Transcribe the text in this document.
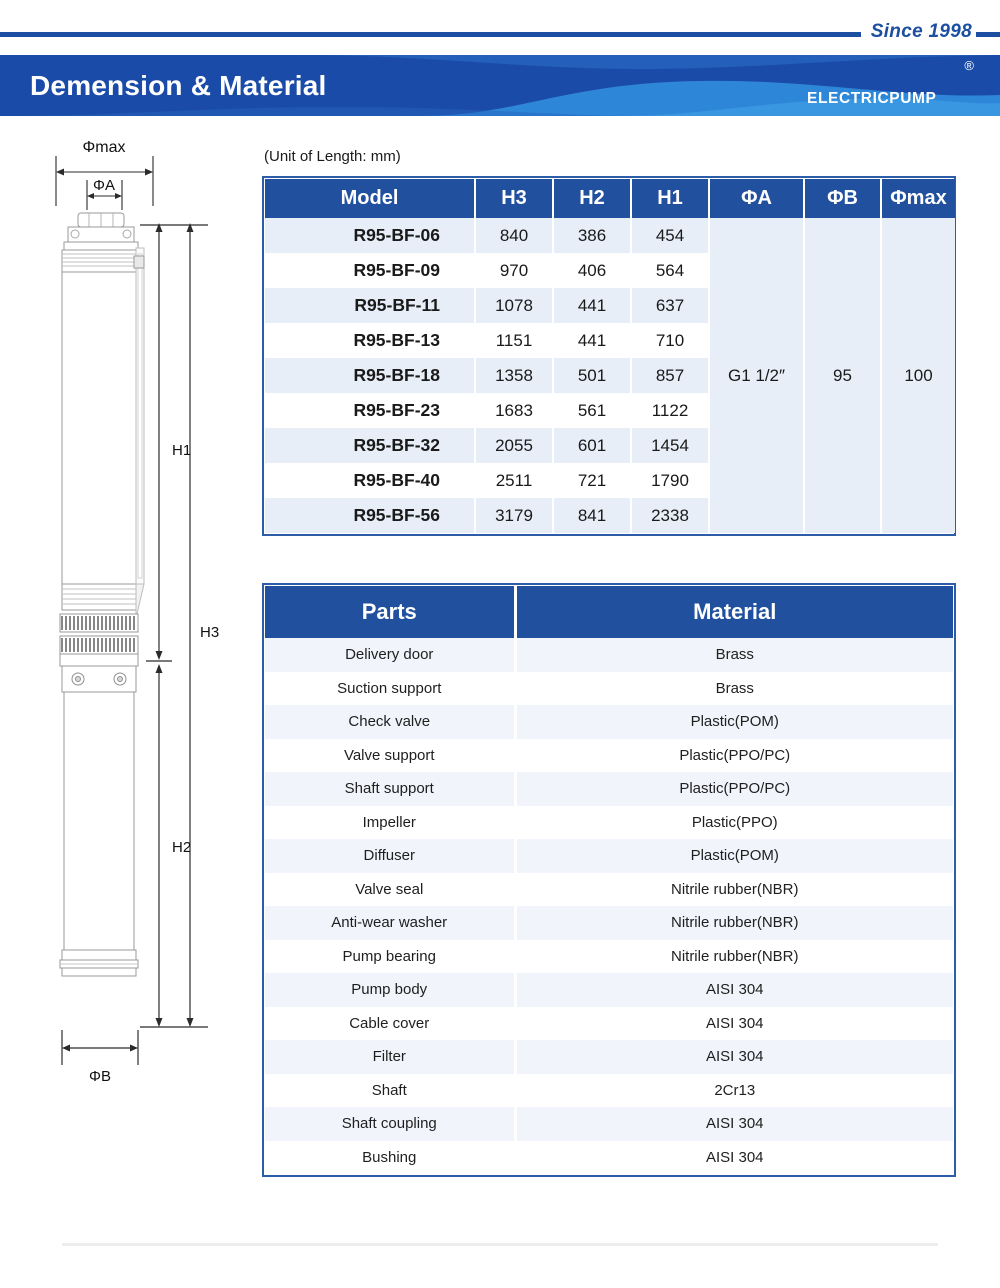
Since 1998
Demension & Material
®
ELECTRICPUMP
Φmax
ΦA
H1
H2
H3
ΦB
(Unit of Length: mm)
Model	H3	H2	H1	ΦA	ΦB	Φmax
R95-BF-06	840	386	454	G1 1/2″	95	100
R95-BF-09	970	406	564			
R95-BF-11	1078	441	637			
R95-BF-13	1151	441	710			
R95-BF-18	1358	501	857			
R95-BF-23	1683	561	1122			
R95-BF-32	2055	601	1454			
R95-BF-40	2511	721	1790			
R95-BF-56	3179	841	2338			
Parts	Material
Delivery door	Brass
Suction support	Brass
Check valve	Plastic(POM)
Valve support	Plastic(PPO/PC)
Shaft support	Plastic(PPO/PC)
Impeller	Plastic(PPO)
Diffuser	Plastic(POM)
Valve seal	Nitrile rubber(NBR)
Anti-wear washer	Nitrile rubber(NBR)
Pump bearing	Nitrile rubber(NBR)
Pump body	AISI 304
Cable cover	AISI 304
Filter	AISI 304
Shaft	2Cr13
Shaft coupling	AISI 304
Bushing	AISI 304
